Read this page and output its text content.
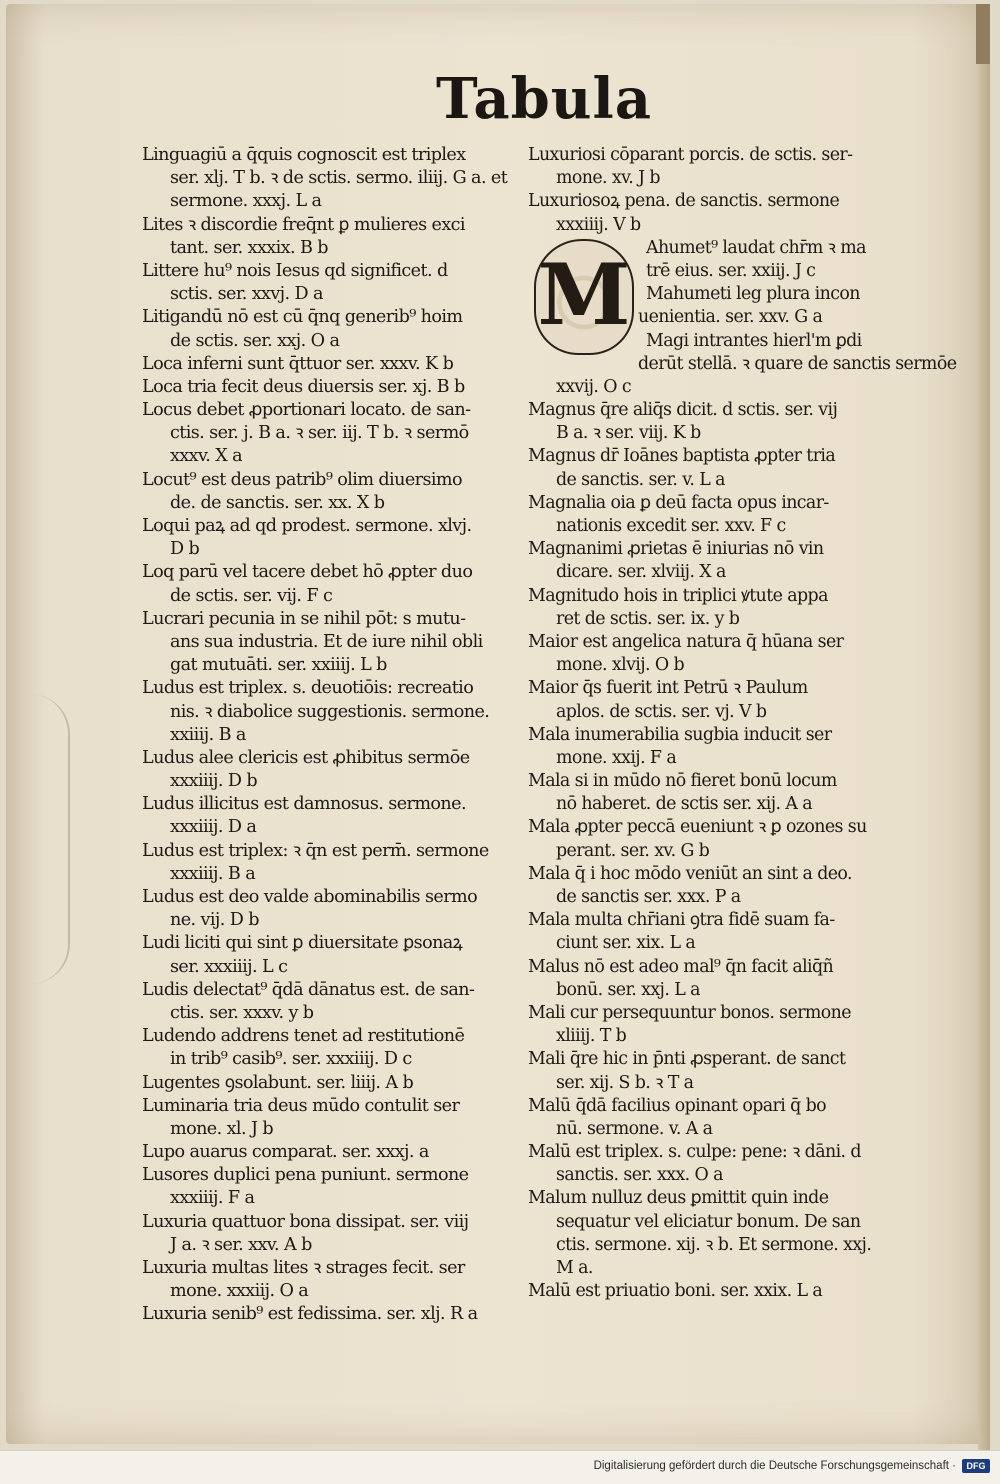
Tabula
Linguagiū a q̄quis cognoscit est triplex
ser. xlj. T b. ꝛ de sctis. sermo. iliij. G a. et
sermone. xxxj. L a
Lites ꝛ discordie freq̄nt ꝑ mulieres exci
tant. ser. xxxix. B b
Littere hu⁹ nois Iesus qd significet. d
sctis. ser. xxvj. D a
Litigandū nō est cū q̄nq generib⁹ hoim
de sctis. ser. xxj. O a
Loca inferni sunt q̄ttuor ser. xxxv. K b
Loca tria fecit deus diuersis ser. xj. B b
Locus debet ꝓportionari locato. de san-
ctis. ser. j. B a. ꝛ ser. iij. T b. ꝛ sermō
xxxv. X a
Locut⁹ est deus patrib⁹ olim diuersimo
de. de sanctis. ser. xx. X b
Loqui paꝝ ad qd prodest. sermone. xlvj.
D b
Loq parū vel tacere debet hō ꝓpter duo
de sctis. ser. vij. F c
Lucrari pecunia in se nihil pōt: s mutu-
ans sua industria. Et de iure nihil obli
gat mutuāti. ser. xxiiij. L b
Ludus est triplex. s. deuotiōis: recreatio
nis. ꝛ diabolice suggestionis. sermone.
xxiiij. B a
Ludus alee clericis est ꝓhibitus sermōe
xxxiiij. D b
Ludus illicitus est damnosus. sermone.
xxxiiij. D a
Ludus est triplex: ꝛ q̄n est perm̄. sermone
xxxiiij. B a
Ludus est deo valde abominabilis sermo
ne. vij. D b
Ludi liciti qui sint ꝑ diuersitate ꝑsonaꝝ
ser. xxxiiij. L c
Ludis delectat⁹ q̄dā dānatus est. de san-
ctis. ser. xxxv. y b
Ludendo addrens tenet ad restitutionē
in trib⁹ casib⁹. ser. xxxiiij. D c
Lugentes ꝯsolabunt. ser. liiij. A b
Luminaria tria deus mūdo contulit ser
mone. xl. J b
Lupo auarus comparat. ser. xxxj. a
Lusores duplici pena puniunt. sermone
xxxiiij. F a
Luxuria quattuor bona dissipat. ser. viij
J a. ꝛ ser. xxv. A b
Luxuria multas lites ꝛ strages fecit. ser
mone. xxxiij. O a
Luxuria senib⁹ est fedissima. ser. xlj. R a
Luxuriosi cōparant porcis. de sctis. ser-
mone. xv. J b
Luxuriosoꝝ pena. de sanctis. sermone
xxxiiij. V b
M Ahumet⁹ laudat chr̄m ꝛ ma
trē eius. ser. xxiij. J c
Mahumeti leg plura incon
uenientia. ser. xxv. G a
Magi intrantes hierl'm ꝑdi
derūt stellā. ꝛ quare de sanctis sermōe
xxvij. O c
Magnus q̄re aliq̄s dicit. d sctis. ser. vij
B a. ꝛ ser. viij. K b
Magnus dr̄ Ioānes baptista ꝓpter tria
de sanctis. ser. v. L a
Magnalia oia ꝑ deū facta opus incar-
nationis excedit ser. xxv. F c
Magnanimi ꝓrietas ē iniurias nō vin
dicare. ser. xlviij. X a
Magnitudo hois in triplici ꝟtute appa
ret de sctis. ser. ix. y b
Maior est angelica natura q̄ hūana ser
mone. xlvij. O b
Maior q̄s fuerit int Petrū ꝛ Paulum
aplos. de sctis. ser. vj. V b
Mala inumerabilia sugbia inducit ser
mone. xxij. F a
Mala si in mūdo nō fieret bonū locum
nō haberet. de sctis ser. xij. A a
Mala ꝓpter peccā eueniunt ꝛ ꝑ ozones su
perant. ser. xv. G b
Mala q̄ i hoc mōdo veniūt an sint a deo.
de sanctis ser. xxx. P a
Mala multa chr̄iani ꝯtra fidē suam fa-
ciunt ser. xix. L a
Malus nō est adeo mal⁹ q̄n facit aliq̄ñ
bonū. ser. xxj. L a
Mali cur persequuntur bonos. sermone
xliiij. T b
Mali q̄re hic in p̄nti ꝓsperant. de sanct
ser. xij. S b. ꝛ T a
Malū q̄dā facilius opinant opari q̄ bo
nū. sermone. v. A a
Malū est triplex. s. culpe: pene: ꝛ dāni. d
sanctis. ser. xxx. O a
Malum nulluz deus ꝑmittit quin inde
sequatur vel eliciatur bonum. De san
ctis. sermone. xij. ꝛ b. Et sermone. xxj.
M a.
Malū est priuatio boni. ser. xxix. L a
Digitalisierung gefördert durch die Deutsche Forschungsgemeinschaft ·	DFG
